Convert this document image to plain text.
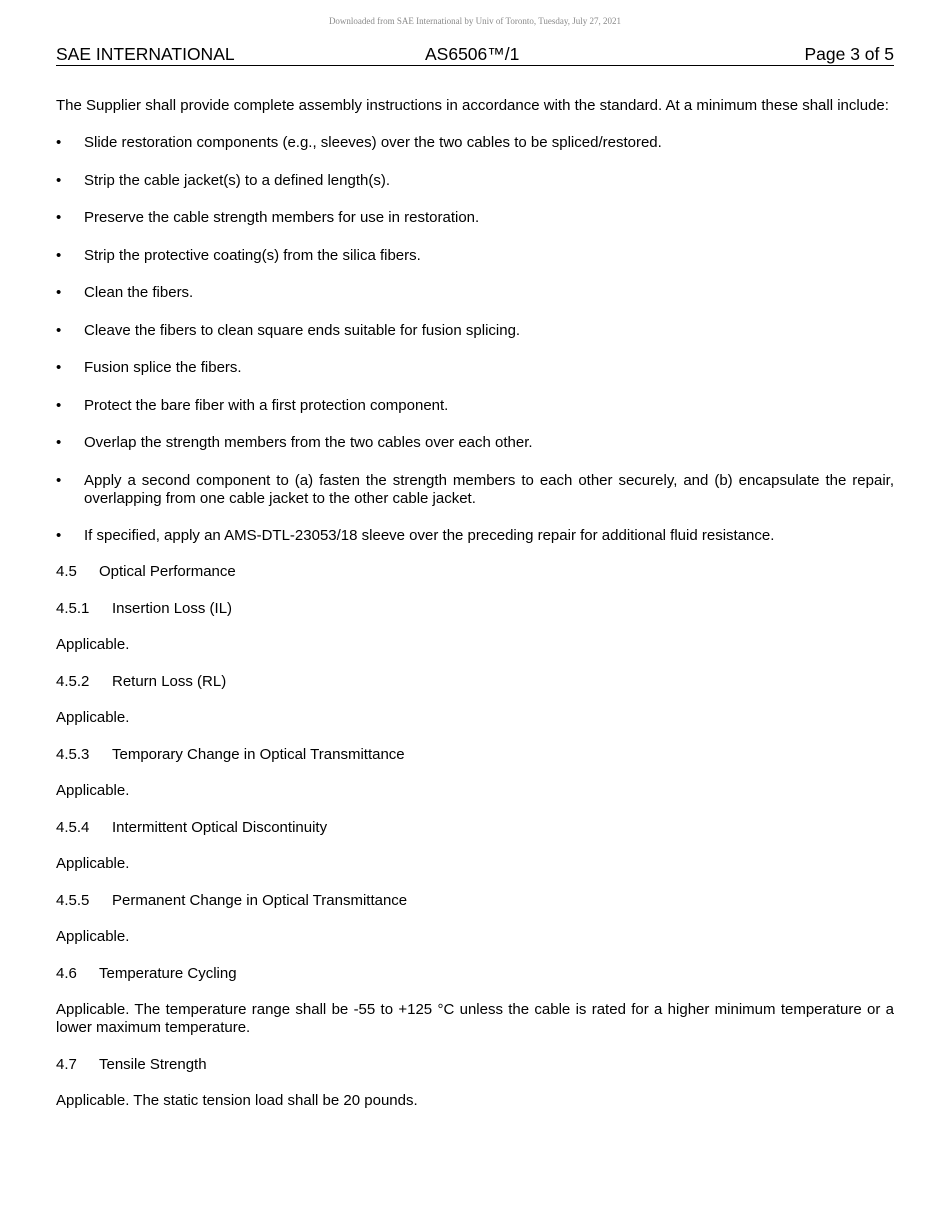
Downloaded from SAE International by Univ of Toronto, Tuesday, July 27, 2021
SAE INTERNATIONAL	AS6506™/1	Page 3 of 5

The Supplier shall provide complete assembly instructions in accordance with the standard. At a minimum these shall include:

• Slide restoration components (e.g., sleeves) over the two cables to be spliced/restored.
• Strip the cable jacket(s) to a defined length(s).
• Preserve the cable strength members for use in restoration.
• Strip the protective coating(s) from the silica fibers.
• Clean the fibers.
• Cleave the fibers to clean square ends suitable for fusion splicing.
• Fusion splice the fibers.
• Protect the bare fiber with a first protection component.
• Overlap the strength members from the two cables over each other.
• Apply a second component to (a) fasten the strength members to each other securely, and (b) encapsulate the repair, overlapping from one cable jacket to the other cable jacket.
• If specified, apply an AMS-DTL-23053/18 sleeve over the preceding repair for additional fluid resistance.
4.5 Optical Performance
4.5.1 Insertion Loss (IL)

Applicable.

4.5.2 Return Loss (RL)

Applicable.

4.5.3 Temporary Change in Optical Transmittance

Applicable.

4.5.4 Intermittent Optical Discontinuity

Applicable.

4.5.5 Permanent Change in Optical Transmittance

Applicable.

4.6 Temperature Cycling

Applicable. The temperature range shall be -55 to +125 °C unless the cable is rated for a higher minimum temperature or a lower maximum temperature.

4.7 Tensile Strength

Applicable. The static tension load shall be 20 pounds.
